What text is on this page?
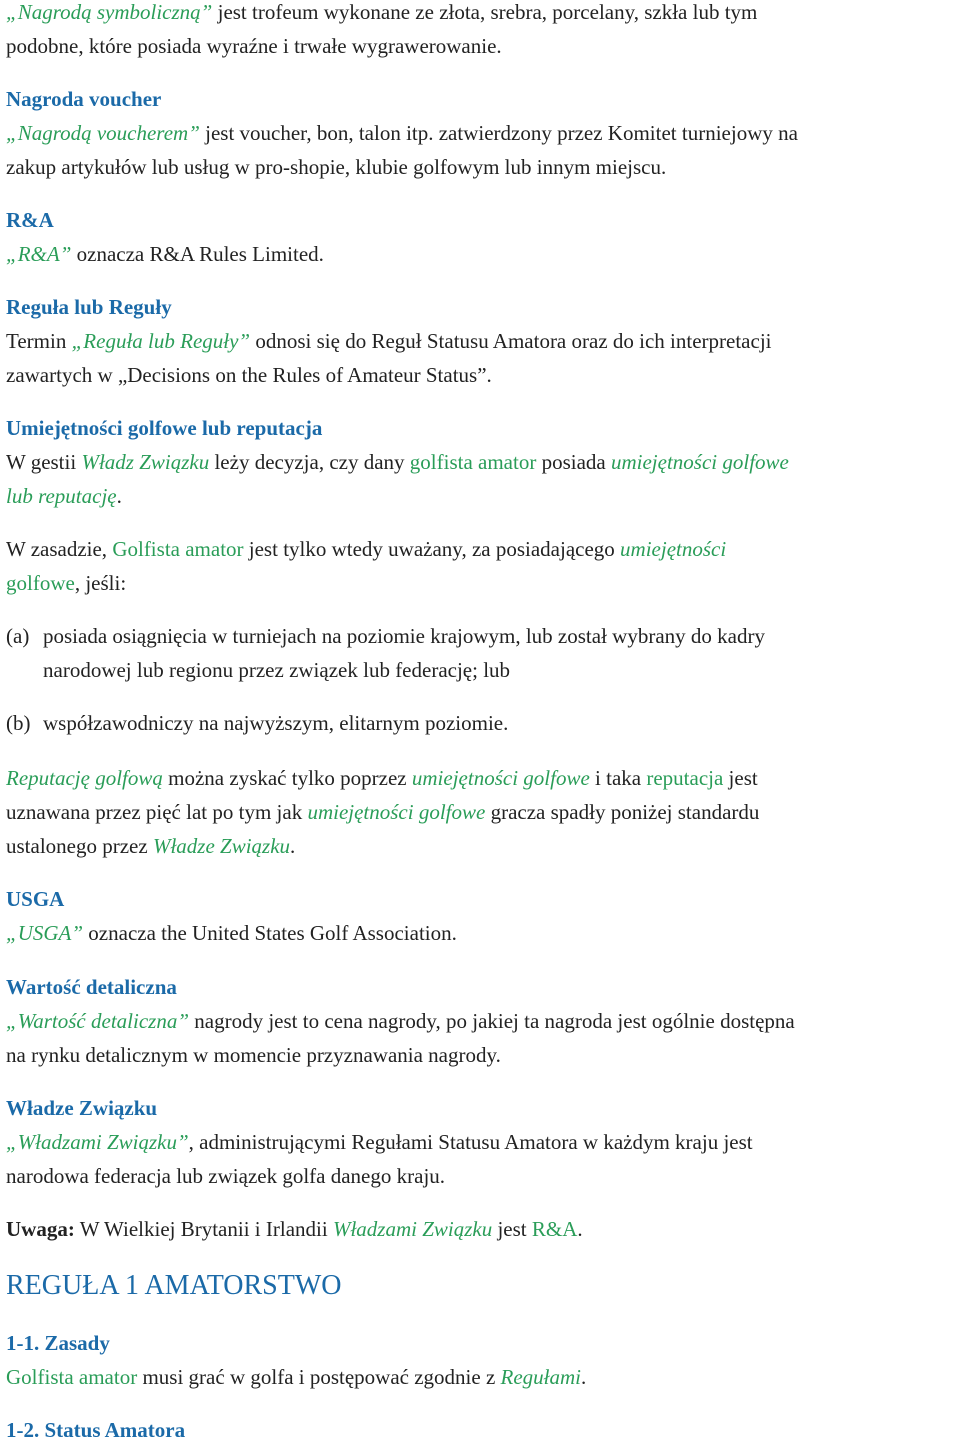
„Nagrodą symboliczną” jest trofeum wykonane ze złota, srebra, porcelany, szkła lub tym
podobne, które posiada wyraźne i trwałe wygrawerowanie.
Nagroda voucher
„Nagrodą voucherem” jest voucher, bon, talon itp. zatwierdzony przez Komitet turniejowy na
zakup artykułów lub usług w pro-shopie, klubie golfowym lub innym miejscu.
R&A
„R&A” oznacza R&A Rules Limited.
Reguła lub Reguły
Termin „Reguła lub Reguły” odnosi się do Reguł Statusu Amatora oraz do ich interpretacji
zawartych w „Decisions on the Rules of Amateur Status”.
Umiejętności golfowe lub reputacja
W gestii Władz Związku leży decyzja, czy dany golfista amator posiada umiejętności golfowe
lub reputację.
W zasadzie, Golfista amator jest tylko wtedy uważany, za posiadającego umiejętności
golfowe, jeśli:
(a) posiada osiągnięcia w turniejach na poziomie krajowym, lub został wybrany do kadry
narodowej lub regionu przez związek lub federację; lub
(b) współzawodniczy na najwyższym, elitarnym poziomie.
Reputację golfową można zyskać tylko poprzez umiejętności golfowe i taka reputacja jest
uznawana przez pięć lat po tym jak umiejętności golfowe gracza spadły poniżej standardu
ustalonego przez Władze Związku.
USGA
„USGA” oznacza the United States Golf Association.
Wartość detaliczna
„Wartość detaliczna” nagrody jest to cena nagrody, po jakiej ta nagroda jest ogólnie dostępna
na rynku detalicznym w momencie przyznawania nagrody.
Władze Związku
„Władzami Związku”, administrującymi Regułami Statusu Amatora w każdym kraju jest
narodowa federacja lub związek golfa danego kraju.
Uwaga: W Wielkiej Brytanii i Irlandii Władzami Związku jest R&A.
REGUŁA 1 AMATORSTWO
1-1. Zasady
Golfista amator musi grać w golfa i postępować zgodnie z Regułami.
1-2. Status Amatora
